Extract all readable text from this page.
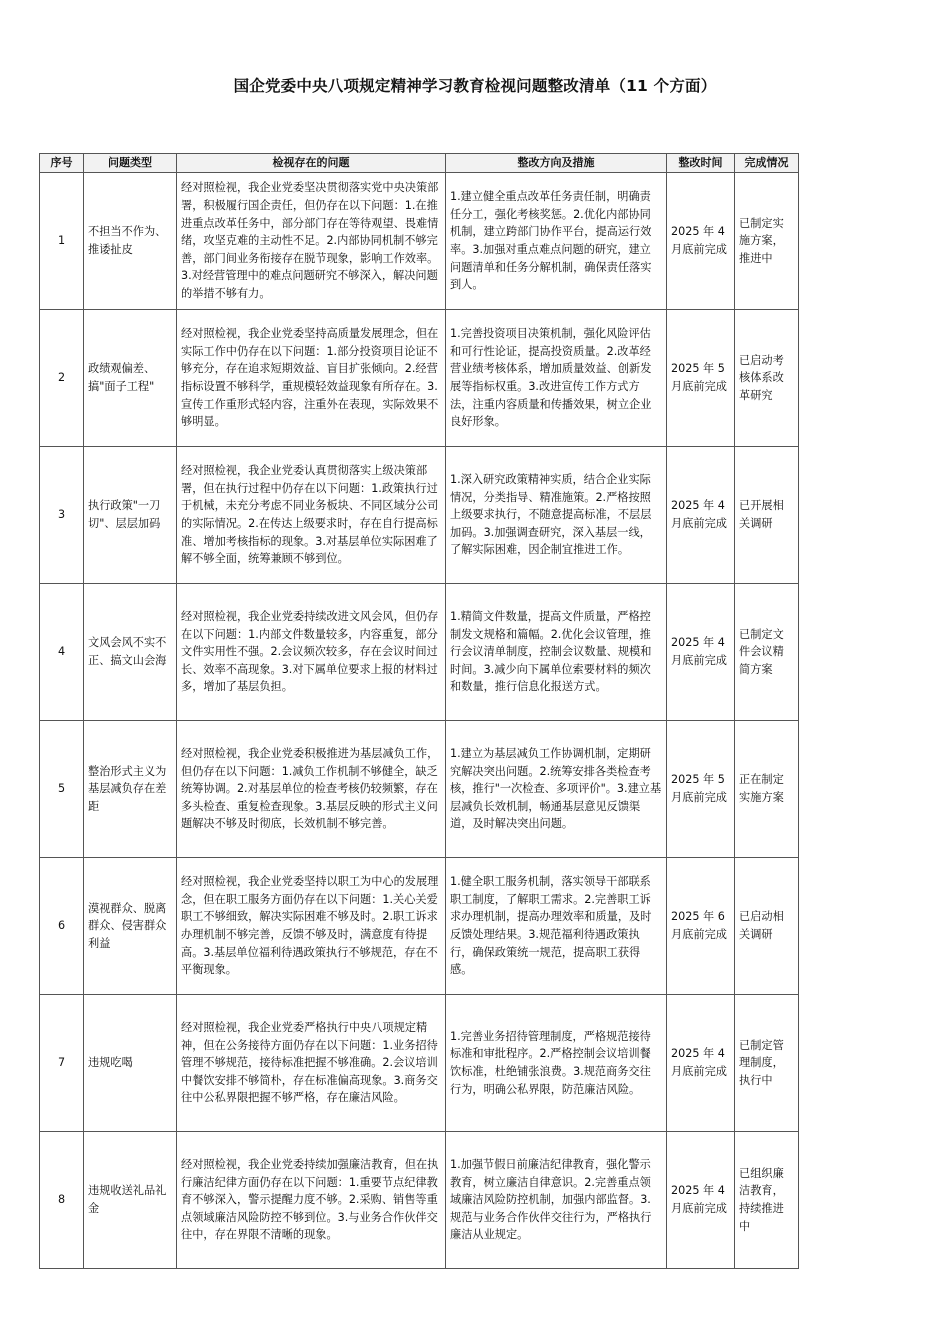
国企党委中央八项规定精神学习教育检视问题整改清单（11 个方面）
序号	问题类型	检视存在的问题	整改方向及措施	整改时间	完成情况
1	不担当不作为、推诿扯皮	经对照检视，我企业党委坚决贯彻落实党中央决策部署，积极履行国企责任，但仍存在以下问题：1.在推进重点改革任务中，部分部门存在等待观望、畏难情绪，攻坚克难的主动性不足。2.内部协同机制不够完善，部门间业务衔接存在脱节现象，影响工作效率。3.对经营管理中的难点问题研究不够深入，解决问题的举措不够有力。	1.建立健全重点改革任务责任制，明确责任分工，强化考核奖惩。2.优化内部协同机制，建立跨部门协作平台，提高运行效率。3.加强对重点难点问题的研究，建立问题清单和任务分解机制，确保责任落实到人。	2025 年 4 月底前完成	已制定实施方案，推进中
2	政绩观偏差、搞"面子工程"	经对照检视，我企业党委坚持高质量发展理念，但在实际工作中仍存在以下问题：1.部分投资项目论证不够充分，存在追求短期效益、盲目扩张倾向。2.经营指标设置不够科学，重规模轻效益现象有所存在。3.宣传工作重形式轻内容，注重外在表现，实际效果不够明显。	1.完善投资项目决策机制，强化风险评估和可行性论证，提高投资质量。2.改革经营业绩考核体系，增加质量效益、创新发展等指标权重。3.改进宣传工作方式方法，注重内容质量和传播效果，树立企业良好形象。	2025 年 5 月底前完成	已启动考核体系改革研究
3	执行政策"一刀切"、层层加码	经对照检视，我企业党委认真贯彻落实上级决策部署，但在执行过程中仍存在以下问题：1.政策执行过于机械，未充分考虑不同业务板块、不同区域分公司的实际情况。2.在传达上级要求时，存在自行提高标准、增加考核指标的现象。3.对基层单位实际困难了解不够全面，统筹兼顾不够到位。	1.深入研究政策精神实质，结合企业实际情况，分类指导、精准施策。2.严格按照上级要求执行，不随意提高标准，不层层加码。3.加强调查研究，深入基层一线，了解实际困难，因企制宜推进工作。	2025 年 4 月底前完成	已开展相关调研
4	文风会风不实不正、搞文山会海	经对照检视，我企业党委持续改进文风会风，但仍存在以下问题：1.内部文件数量较多，内容重复，部分文件实用性不强。2.会议频次较多，存在会议时间过长、效率不高现象。3.对下属单位要求上报的材料过多，增加了基层负担。	1.精简文件数量，提高文件质量，严格控制发文规格和篇幅。2.优化会议管理，推行会议清单制度，控制会议数量、规模和时间。3.减少向下属单位索要材料的频次和数量，推行信息化报送方式。	2025 年 4 月底前完成	已制定文件会议精简方案
5	整治形式主义为基层减负存在差距	经对照检视，我企业党委积极推进为基层减负工作，但仍存在以下问题：1.减负工作机制不够健全，缺乏统筹协调。2.对基层单位的检查考核仍较频繁，存在多头检查、重复检查现象。3.基层反映的形式主义问题解决不够及时彻底，长效机制不够完善。	1.建立为基层减负工作协调机制，定期研究解决突出问题。2.统筹安排各类检查考核，推行"一次检查、多项评价"。3.建立基层减负长效机制，畅通基层意见反馈渠道，及时解决突出问题。	2025 年 5 月底前完成	正在制定实施方案
6	漠视群众、脱离群众、侵害群众利益	经对照检视，我企业党委坚持以职工为中心的发展理念，但在职工服务方面仍存在以下问题：1.关心关爱职工不够细致，解决实际困难不够及时。2.职工诉求办理机制不够完善，反馈不够及时，满意度有待提高。3.基层单位福利待遇政策执行不够规范，存在不平衡现象。	1.健全职工服务机制，落实领导干部联系职工制度，了解职工需求。2.完善职工诉求办理机制，提高办理效率和质量，及时反馈处理结果。3.规范福利待遇政策执行，确保政策统一规范，提高职工获得感。	2025 年 6 月底前完成	已启动相关调研
7	违规吃喝	经对照检视，我企业党委严格执行中央八项规定精神，但在公务接待方面仍存在以下问题：1.业务招待管理不够规范，接待标准把握不够准确。2.会议培训中餐饮安排不够简朴，存在标准偏高现象。3.商务交往中公私界限把握不够严格，存在廉洁风险。	1.完善业务招待管理制度，严格规范接待标准和审批程序。2.严格控制会议培训餐饮标准，杜绝铺张浪费。3.规范商务交往行为，明确公私界限，防范廉洁风险。	2025 年 4 月底前完成	已制定管理制度，执行中
8	违规收送礼品礼金	经对照检视，我企业党委持续加强廉洁教育，但在执行廉洁纪律方面仍存在以下问题：1.重要节点纪律教育不够深入，警示提醒力度不够。2.采购、销售等重点领域廉洁风险防控不够到位。3.与业务合作伙伴交往中，存在界限不清晰的现象。	1.加强节假日前廉洁纪律教育，强化警示教育，树立廉洁自律意识。2.完善重点领域廉洁风险防控机制，加强内部监督。3.规范与业务合作伙伴交往行为，严格执行廉洁从业规定。	2025 年 4 月底前完成	已组织廉洁教育，持续推进中
